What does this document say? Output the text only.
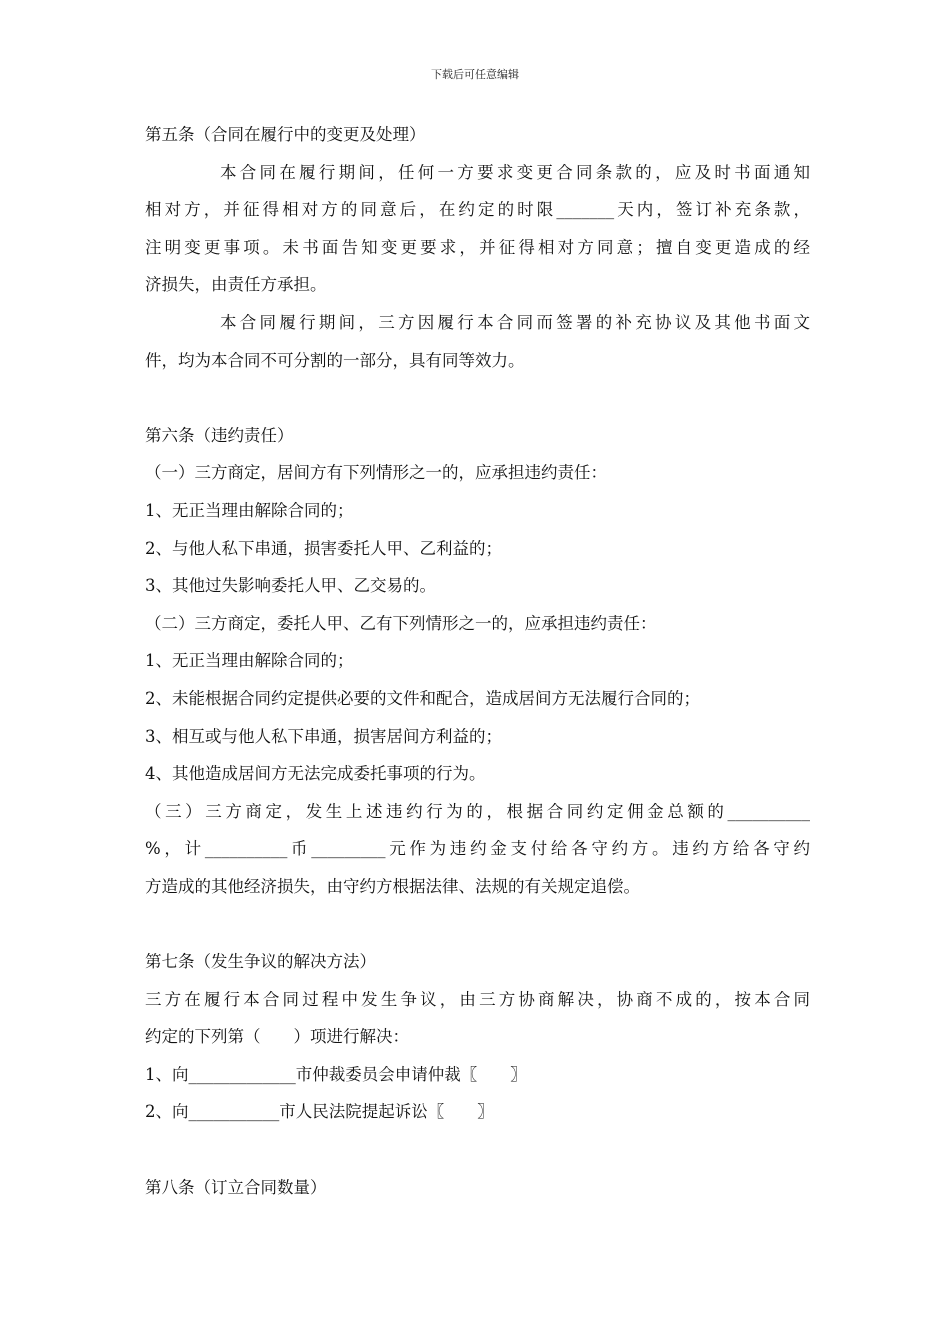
下载后可任意编辑
第五条（合同在履行中的变更及处理）
本合同在履行期间，任何一方要求变更合同条款的，应及时书面通知
相对方，并征得相对方的同意后，在约定的时限_______天内，签订补充条款，
注明变更事项。未书面告知变更要求，并征得相对方同意；擅自变更造成的经
济损失，由责任方承担。
本合同履行期间，三方因履行本合同而签署的补充协议及其他书面文
件，均为本合同不可分割的一部分，具有同等效力。
第六条（违约责任）
（一）三方商定，居间方有下列情形之一的，应承担违约责任：
1、无正当理由解除合同的；
2、与他人私下串通，损害委托人甲、乙利益的；
3、其他过失影响委托人甲、乙交易的。
（二）三方商定，委托人甲、乙有下列情形之一的，应承担违约责任：
1、无正当理由解除合同的；
2、未能根据合同约定提供必要的文件和配合，造成居间方无法履行合同的；
3、相互或与他人私下串通，损害居间方利益的；
4、其他造成居间方无法完成委托事项的行为。
（三）三方商定，发生上述违约行为的，根据合同约定佣金总额的__________
%，计__________币_________元作为违约金支付给各守约方。违约方给各守约
方造成的其他经济损失，由守约方根据法律、法规的有关规定追偿。
第七条（发生争议的解决方法）
三方在履行本合同过程中发生争议，由三方协商解决，协商不成的，按本合同
约定的下列第（　　）项进行解决：
1、向_____________市仲裁委员会申请仲裁〖　　〗
2、向___________市人民法院提起诉讼〖　　〗
第八条（订立合同数量）
